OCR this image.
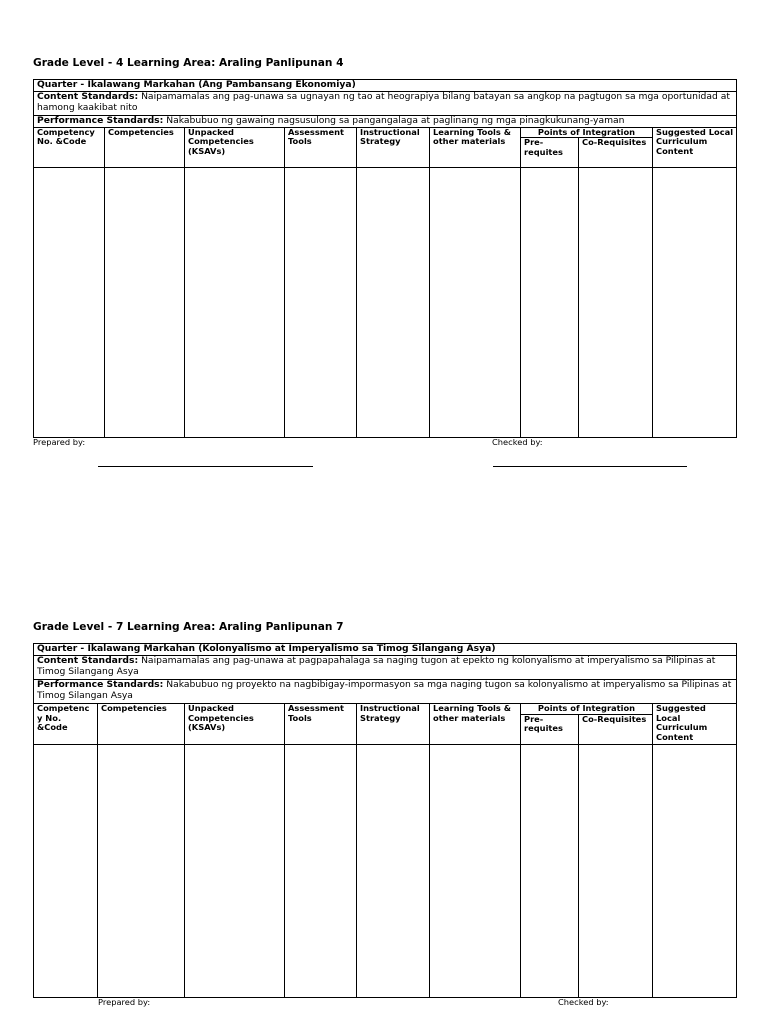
Grade Level - 4 Learning Area: Araling Panlipunan 4
Quarter - Ikalawang Markahan (Ang Pambansang Ekonomiya)								
Content Standards: Naipamamalas ang pag-unawa sa ugnayan ng tao at heograpiya bilang batayan sa angkop na pagtugon sa mga oportunidad at hamong kaakibat nito								
Performance Standards: Nakabubuo ng gawaing nagsusulong sa pangangalaga at paglinang ng mga pinagkukunang-yaman								
Competency No. &Code	Competencies	Unpacked Competencies (KSAVs)	Assessment Tools	Instructional Strategy	Learning Tools & other materials	Points of Integration		Suggested Local Curriculum Content
						Pre-requites	Co-Requisites	

Prepared by:	Checked by:
Grade Level - 7 Learning Area: Araling Panlipunan 7
Quarter - Ikalawang Markahan (Kolonyalismo at Imperyalismo sa Timog Silangang Asya)								
Content Standards: Naipamamalas ang pag-unawa at pagpapahalaga sa naging tugon at epekto ng kolonyalismo at imperyalismo sa Pilipinas at Timog Silangang Asya								
Performance Standards: Nakabubuo ng proyekto na nagbibigay-impormasyon sa mga naging tugon sa kolonyalismo at imperyalismo sa Pilipinas at Timog Silangan Asya								
Competenc y No. &Code	Competencies	Unpacked Competencies (KSAVs)	Assessment Tools	Instructional Strategy	Learning Tools & other materials	Points of Integration		Suggested Local Curriculum Content
						Pre-requites	Co-Requisites	

Prepared by:	Checked by:
